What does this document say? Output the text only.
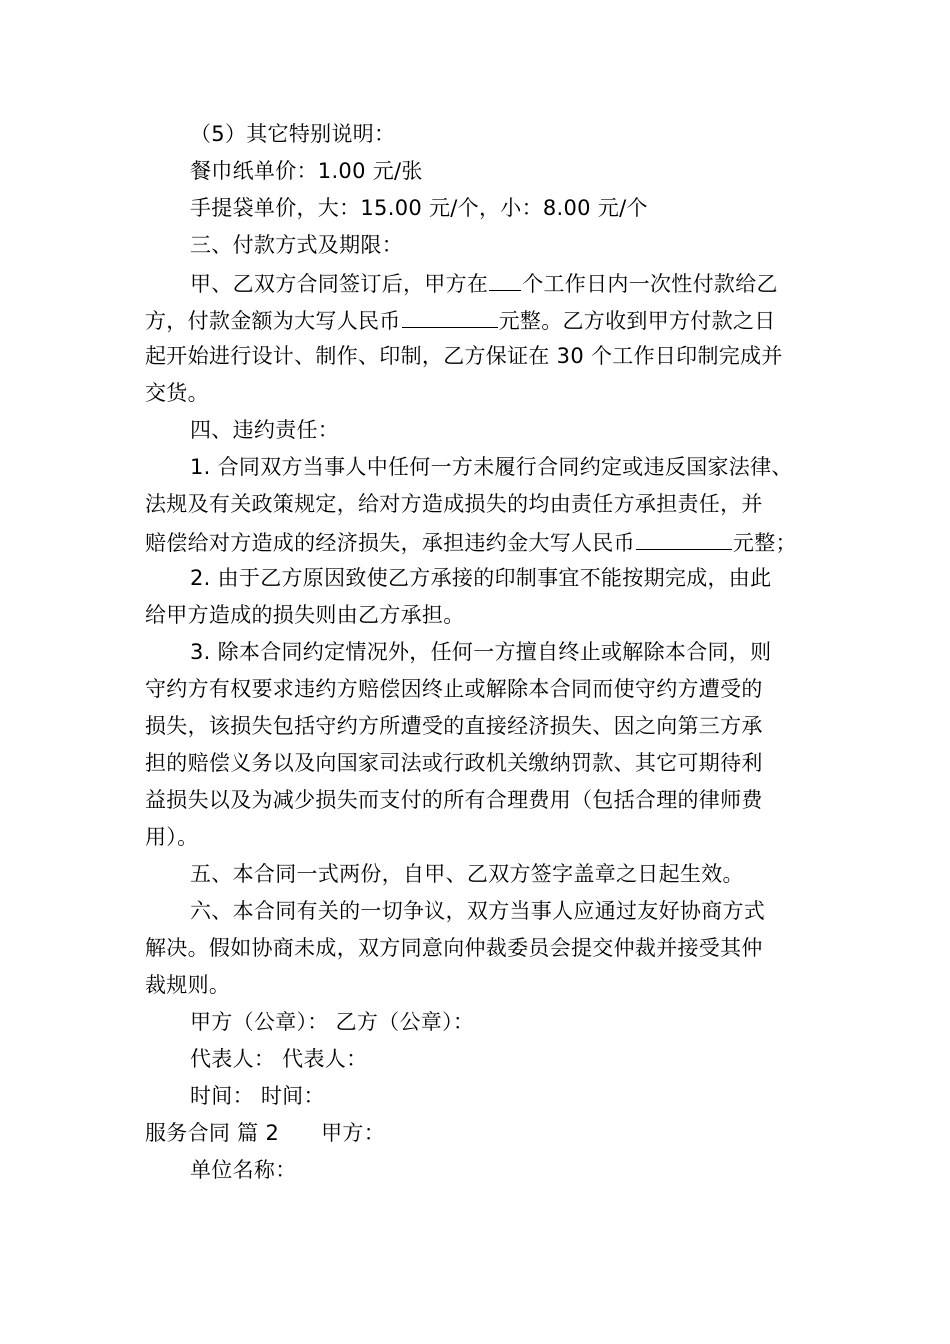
（5）其它特别说明：
餐巾纸单价：1.00 元/张
手提袋单价，大：15.00 元/个，小：8.00 元/个
三、付款方式及期限：
甲、乙双方合同签订后，甲方在 个工作日内一次性付款给乙
方，付款金额为大写人民币	元整。乙方收到甲方付款之日
起开始进行设计、制作、印制，乙方保证在 30 个工作日印制完成并
交货。
四、违约责任：
1. 合同双方当事人中任何一方未履行合同约定或违反国家法律、
法规及有关政策规定，给对方造成损失的均由责任方承担责任，并
赔偿给对方造成的经济损失，承担违约金大写人民币	元整；
2. 由于乙方原因致使乙方承接的印制事宜不能按期完成，由此
给甲方造成的损失则由乙方承担。
3. 除本合同约定情况外，任何一方擅自终止或解除本合同，则
守约方有权要求违约方赔偿因终止或解除本合同而使守约方遭受的
损失，该损失包括守约方所遭受的直接经济损失、因之向第三方承
担的赔偿义务以及向国家司法或行政机关缴纳罚款、其它可期待利
益损失以及为减少损失而支付的所有合理费用（包括合理的律师费
用）。
五、本合同一式两份，自甲、乙双方签字盖章之日起生效。
六、本合同有关的一切争议，双方当事人应通过友好协商方式
解决。假如协商未成，双方同意向仲裁委员会提交仲裁并接受其仲
裁规则。
甲方（公章）： 乙方（公章）：
代表人： 代表人：
时间： 时间：
服务合同 篇 2 甲方：
单位名称：
